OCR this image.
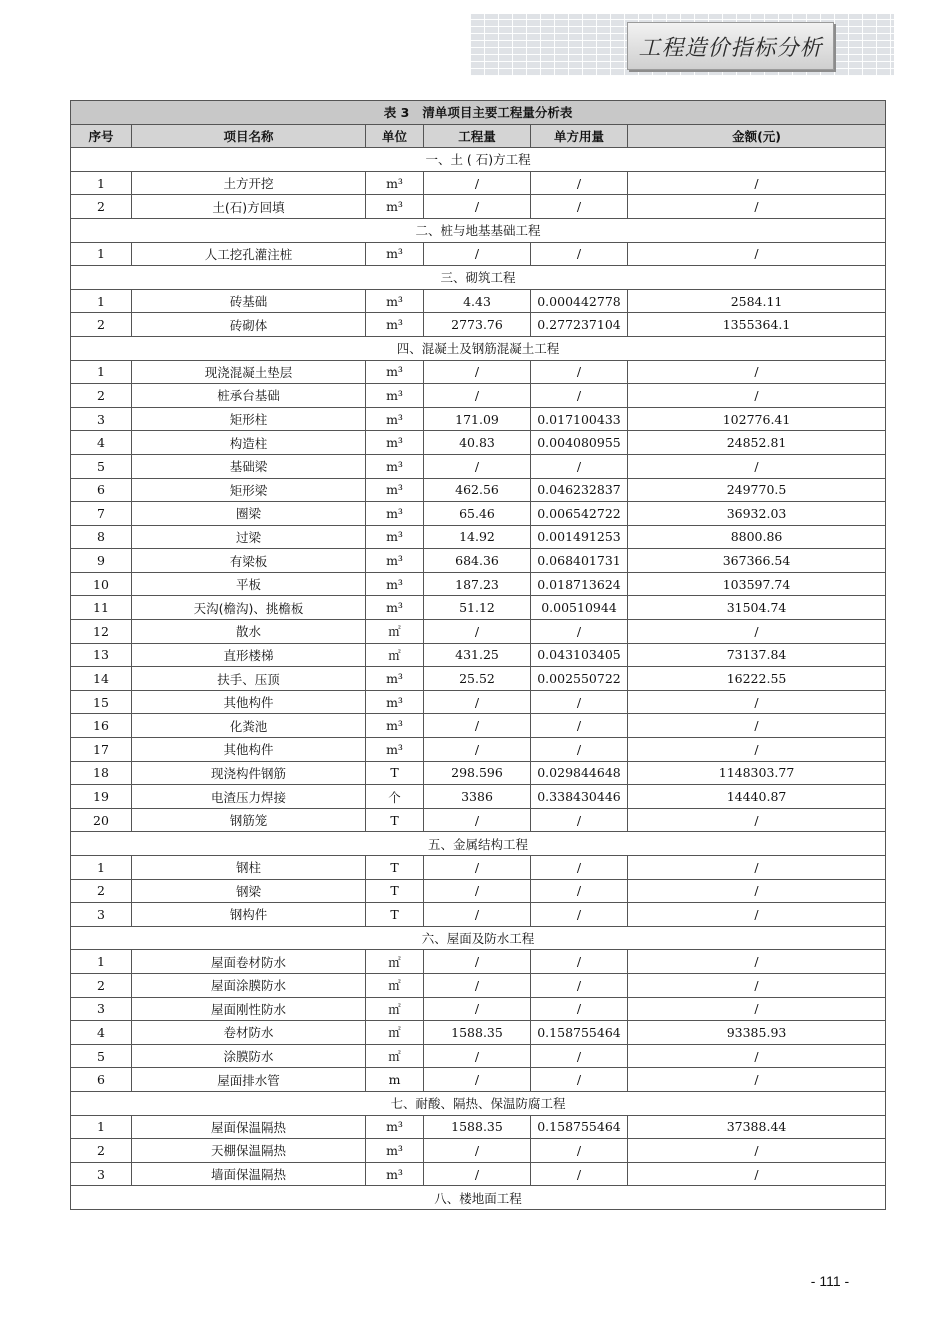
工程造价指标分析
表 3 清单项目主要工程量分析表					
序号	项目名称	单位	工程量	单方用量	金额(元)
一、土 ( 石)方工程					
1	土方开挖	m³	/	/	/
2	土(石)方回填	m³	/	/	/
二、桩与地基基础工程					
1	人工挖孔灌注桩	m³	/	/	/
三、砌筑工程					
1	砖基础	m³	4.43	0.000442778	2584.11
2	砖砌体	m³	2773.76	0.277237104	1355364.1
四、混凝土及钢筋混凝土工程					
1	现浇混凝土垫层	m³	/	/	/
2	桩承台基础	m³	/	/	/
3	矩形柱	m³	171.09	0.017100433	102776.41
4	构造柱	m³	40.83	0.004080955	24852.81
5	基础梁	m³	/	/	/
6	矩形梁	m³	462.56	0.046232837	249770.5
7	圈梁	m³	65.46	0.006542722	36932.03
8	过梁	m³	14.92	0.001491253	8800.86
9	有梁板	m³	684.36	0.068401731	367366.54
10	平板	m³	187.23	0.018713624	103597.74
11	天沟(檐沟)、挑檐板	m³	51.12	0.00510944	31504.74
12	散水	㎡	/	/	/
13	直形楼梯	㎡	431.25	0.043103405	73137.84
14	扶手、压顶	m³	25.52	0.002550722	16222.55
15	其他构件	m³	/	/	/
16	化粪池	m³	/	/	/
17	其他构件	m³	/	/	/
18	现浇构件钢筋	T	298.596	0.029844648	1148303.77
19	电渣压力焊接	个	3386	0.338430446	14440.87
20	钢筋笼	T	/	/	/
五、金属结构工程					
1	钢柱	T	/	/	/
2	钢梁	T	/	/	/
3	钢构件	T	/	/	/
六、屋面及防水工程					
1	屋面卷材防水	㎡	/	/	/
2	屋面涂膜防水	㎡	/	/	/
3	屋面刚性防水	㎡	/	/	/
4	卷材防水	㎡	1588.35	0.158755464	93385.93
5	涂膜防水	㎡	/	/	/
6	屋面排水管	m	/	/	/
七、耐酸、隔热、保温防腐工程					
1	屋面保温隔热	m³	1588.35	0.158755464	37388.44
2	天棚保温隔热	m³	/	/	/
3	墙面保温隔热	m³	/	/	/
八、楼地面工程					
- 111 -
